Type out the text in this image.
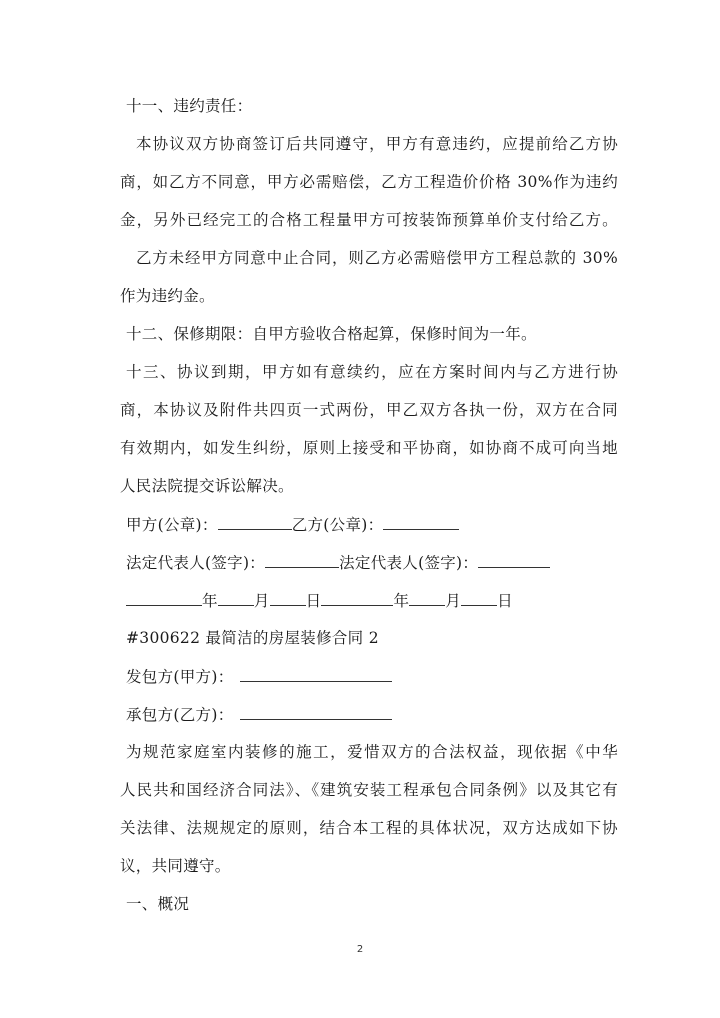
十一、违约责任：
本协议双方协商签订后共同遵守，甲方有意违约，应提前给乙方协
商，如乙方不同意，甲方必需赔偿，乙方工程造价价格 30%作为违约
金，另外已经完工的合格工程量甲方可按装饰预算单价支付给乙方。
乙方未经甲方同意中止合同，则乙方必需赔偿甲方工程总款的 30%
作为违约金。
十二、保修期限：自甲方验收合格起算，保修时间为一年。
十三、协议到期，甲方如有意续约，应在方案时间内与乙方进行协
商，本协议及附件共四页一式两份，甲乙双方各执一份，双方在合同
有效期内，如发生纠纷，原则上接受和平协商，如协商不成可向当地
人民法院提交诉讼解决。
甲方(公章)：	乙方(公章)：
法定代表人(签字)：	法定代表人(签字)：
年 月 日	年 月 日
#300622 最简洁的房屋装修合同 2
发包方(甲方)：
承包方(乙方)：
为规范家庭室内装修的施工，爱惜双方的合法权益，现依据《中华
人民共和国经济合同法》、《建筑安装工程承包合同条例》以及其它有
关法律、法规规定的原则，结合本工程的具体状况，双方达成如下协
议，共同遵守。
一、概况
2
